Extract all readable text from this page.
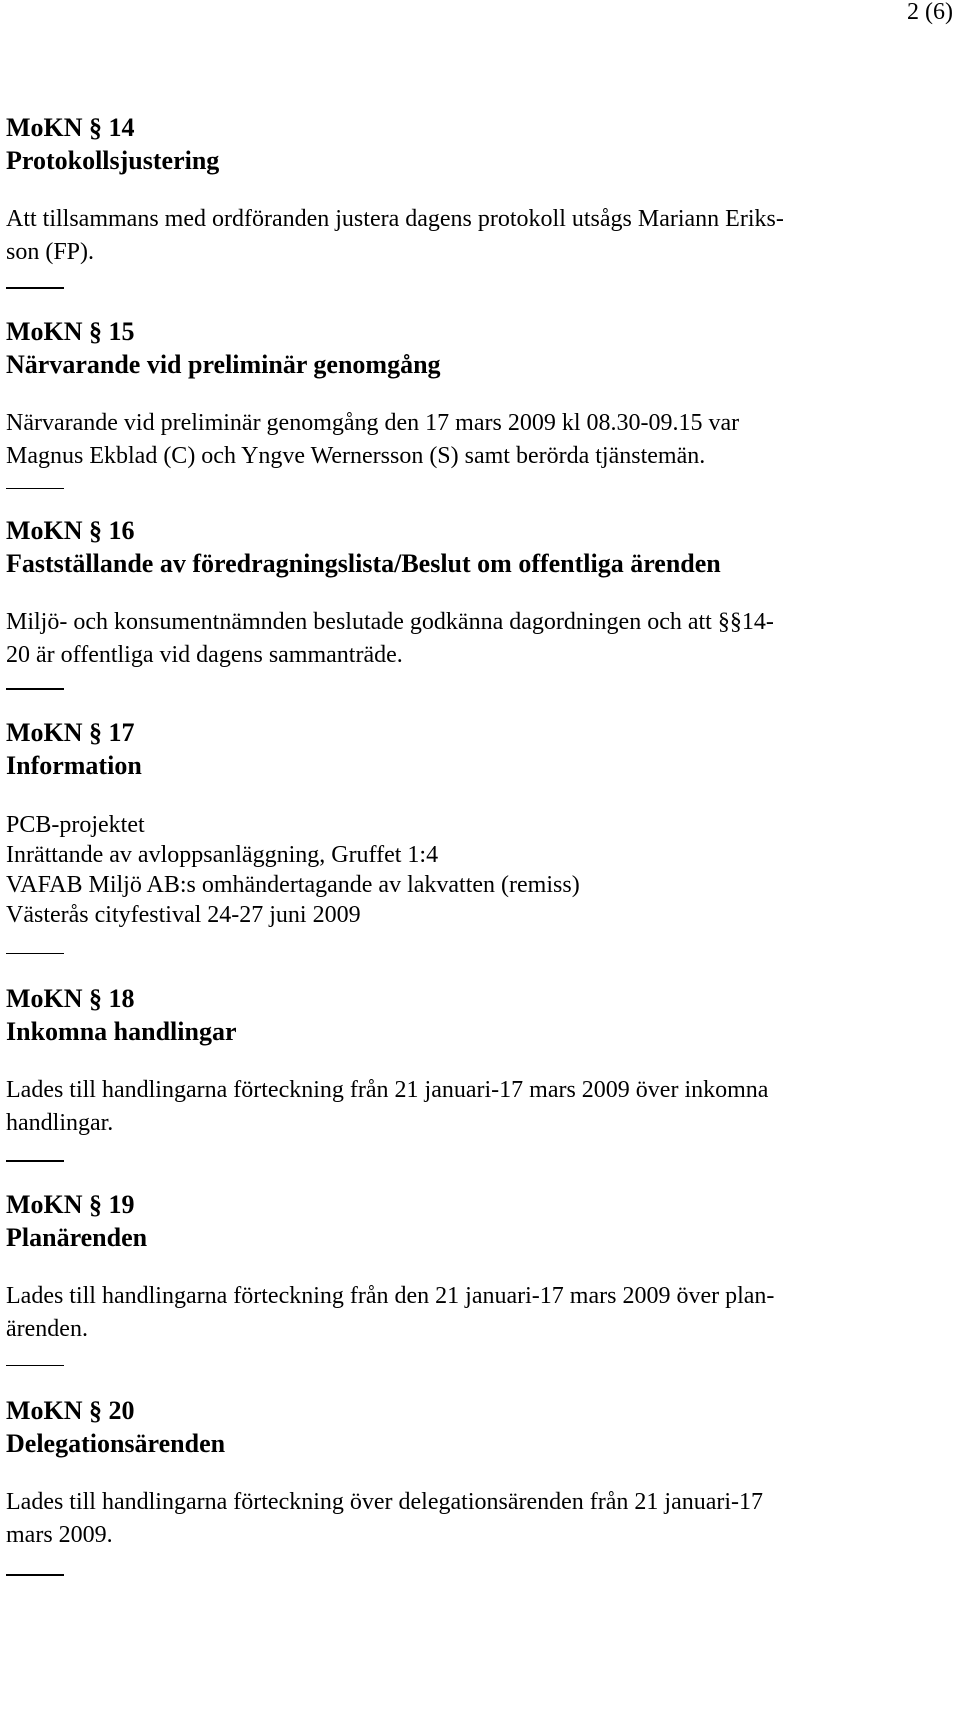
2 (6)
MoKN § 14
Protokollsjustering
Att tillsammans med ordföranden justera dagens protokoll utsågs Mariann Eriks-
son (FP).
MoKN § 15
Närvarande vid preliminär genomgång
Närvarande vid preliminär genomgång den 17 mars 2009 kl 08.30-09.15 var
Magnus Ekblad (C) och Yngve Wernersson (S) samt berörda tjänstemän.
MoKN § 16
Fastställande av föredragningslista/Beslut om offentliga ärenden
Miljö- och konsumentnämnden beslutade godkänna dagordningen och att §§14-
20 är offentliga vid dagens sammanträde.
MoKN § 17
Information
PCB-projektet
Inrättande av avloppsanläggning, Gruffet 1:4
VAFAB Miljö AB:s omhändertagande av lakvatten (remiss)
Västerås cityfestival 24-27 juni 2009
MoKN § 18
Inkomna handlingar
Lades till handlingarna förteckning från 21 januari-17 mars 2009 över inkomna
handlingar.
MoKN § 19
Planärenden
Lades till handlingarna förteckning från den 21 januari-17 mars 2009 över plan-
ärenden.
MoKN § 20
Delegationsärenden
Lades till handlingarna förteckning över delegationsärenden från 21 januari-17
mars 2009.
